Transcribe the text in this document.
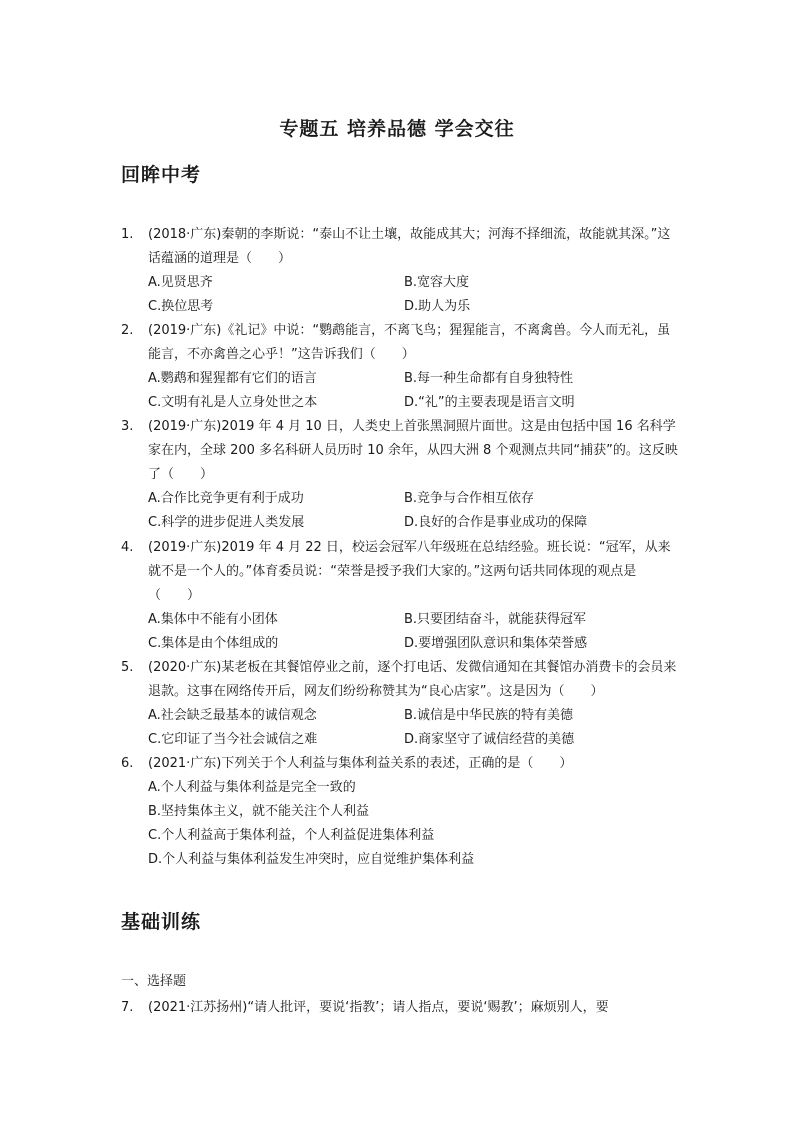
专题五 培养品德 学会交往
回眸中考
1.	(2018·广东)秦朝的李斯说：“泰山不让土壤，故能成其大；河海不择细流，故能就其深。”这话蕴涵的道理是（　　）
A.见贤思齐	B.宽容大度
C.换位思考	D.助人为乐
2.	(2019·广东)《礼记》中说：“鹦鹉能言，不离飞鸟；猩猩能言，不离禽兽。今人而无礼，虽能言，不亦禽兽之心乎！”这告诉我们（　　）
A.鹦鹉和猩猩都有它们的语言	B.每一种生命都有自身独特性
C.文明有礼是人立身处世之本	D.“礼”的主要表现是语言文明
3.	(2019·广东)2019 年 4 月 10 日，人类史上首张黑洞照片面世。这是由包括中国 16 名科学家在内，全球 200 多名科研人员历时 10 余年，从四大洲 8 个观测点共同“捕获”的。这反映了（　　）
A.合作比竞争更有利于成功	B.竞争与合作相互依存
C.科学的进步促进人类发展	D.良好的合作是事业成功的保障
4.	(2019·广东)2019 年 4 月 22 日，校运会冠军八年级班在总结经验。班长说：“冠军，从来就不是一个人的。”体育委员说：“荣誉是授予我们大家的。”这两句话共同体现的观点是（　　）
A.集体中不能有小团体	B.只要团结奋斗，就能获得冠军
C.集体是由个体组成的	D.要增强团队意识和集体荣誉感
5.	(2020·广东)某老板在其餐馆停业之前，逐个打电话、发微信通知在其餐馆办消费卡的会员来退款。这事在网络传开后，网友们纷纷称赞其为“良心店家”。这是因为（　　）
A.社会缺乏最基本的诚信观念	B.诚信是中华民族的特有美德
C.它印证了当今社会诚信之难	D.商家坚守了诚信经营的美德
6.	(2021·广东)下列关于个人利益与集体利益关系的表述，正确的是（　　）
A.个人利益与集体利益是完全一致的
B.坚持集体主义，就不能关注个人利益
C.个人利益高于集体利益，个人利益促进集体利益
D.个人利益与集体利益发生冲突时，应自觉维护集体利益
基础训练
一、选择题
7.	(2021·江苏扬州)“请人批评，要说‘指教’；请人指点，要说‘赐教’；麻烦别人，要
